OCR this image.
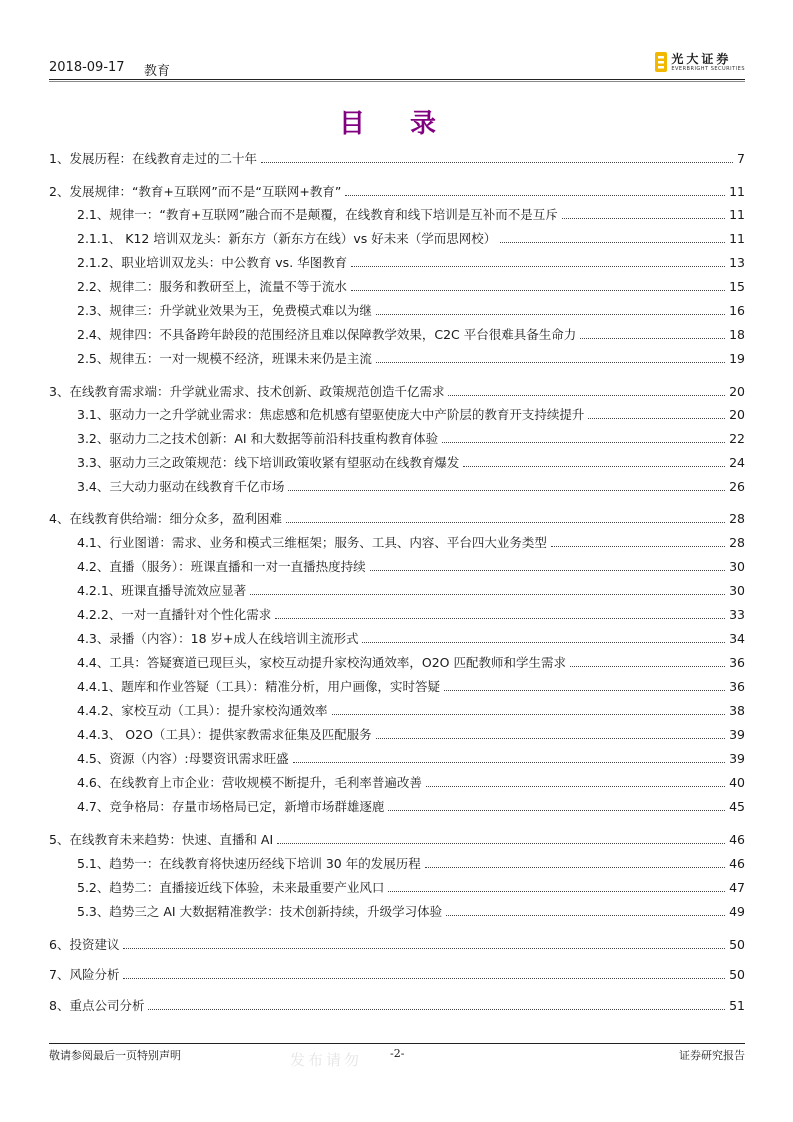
2018-09-17 教育
光大证券
EVERBRIGHT SECURITIES
目 录
1、发展历程：在线教育走过的二十年	7
2、发展规律：“教育+互联网”而不是“互联网+教育”	11
2.1、规律一：“教育+互联网”融合而不是颠覆，在线教育和线下培训是互补而不是互斥	11
2.1.1、 K12 培训双龙头：新东方（新东方在线）vs 好未来（学而思网校）	11
2.1.2、职业培训双龙头：中公教育 vs. 华图教育	13
2.2、规律二：服务和教研至上，流量不等于流水	15
2.3、规律三：升学就业效果为王，免费模式难以为继	16
2.4、规律四：不具备跨年龄段的范围经济且难以保障教学效果，C2C 平台很难具备生命力	18
2.5、规律五：一对一规模不经济，班课未来仍是主流	19
3、在线教育需求端：升学就业需求、技术创新、政策规范创造千亿需求	20
3.1、驱动力一之升学就业需求：焦虑感和危机感有望驱使庞大中产阶层的教育开支持续提升	20
3.2、驱动力二之技术创新：AI 和大数据等前沿科技重构教育体验	22
3.3、驱动力三之政策规范：线下培训政策收紧有望驱动在线教育爆发	24
3.4、三大动力驱动在线教育千亿市场	26
4、在线教育供给端：细分众多，盈利困难	28
4.1、行业图谱：需求、业务和模式三维框架；服务、工具、内容、平台四大业务类型	28
4.2、直播（服务）：班课直播和一对一直播热度持续	30
4.2.1、班课直播导流效应显著	30
4.2.2、一对一直播针对个性化需求	33
4.3、录播（内容）：18 岁+成人在线培训主流形式	34
4.4、工具：答疑赛道已现巨头，家校互动提升家校沟通效率，O2O 匹配教师和学生需求	36
4.4.1、题库和作业答疑（工具）：精准分析，用户画像，实时答疑	36
4.4.2、家校互动（工具）：提升家校沟通效率	38
4.4.3、 O2O（工具）：提供家教需求征集及匹配服务	39
4.5、资源（内容）:母婴资讯需求旺盛	39
4.6、在线教育上市企业：营收规模不断提升，毛利率普遍改善	40
4.7、竞争格局：存量市场格局已定，新增市场群雄逐鹿	45
5、在线教育未来趋势：快速、直播和 AI	46
5.1、趋势一：在线教育将快速历经线下培训 30 年的发展历程	46
5.2、趋势二：直播接近线下体验，未来最重要产业风口	47
5.3、趋势三之 AI 大数据精准教学：技术创新持续，升级学习体验	49
6、投资建议	50
7、风险分析	50
8、重点公司分析	51
发布请勿
敬请参阅最后一页特别声明	-2-	证券研究报告
